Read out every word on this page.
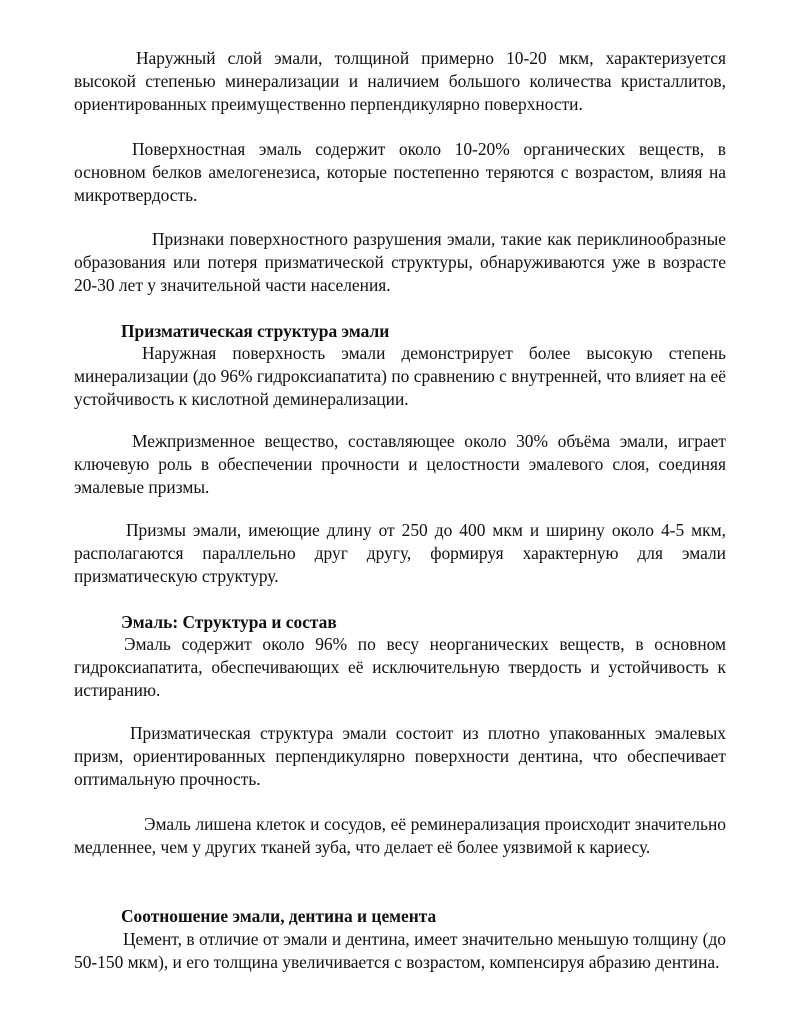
Наружный слой эмали, толщиной примерно 10-20 мкм, характеризуется высокой степенью минерализации и наличием большого количества кристаллитов, ориентированных преимущественно перпендикулярно поверхности.

Поверхностная эмаль содержит около 10-20% органических веществ, в основном белков амелогенезиса, которые постепенно теряются с возрастом, влияя на микротвердость.

Признаки поверхностного разрушения эмали, такие как периклинообразные образования или потеря призматической структуры, обнаруживаются уже в возрасте 20-30 лет у значительной части населения.

Призматическая структура эмали

Наружная поверхность эмали демонстрирует более высокую степень минерализации (до 96% гидроксиапатита) по сравнению с внутренней, что влияет на её устойчивость к кислотной деминерализации.

Межпризменное вещество, составляющее около 30% объёма эмали, играет ключевую роль в обеспечении прочности и целостности эмалевого слоя, соединяя эмалевые призмы.

Призмы эмали, имеющие длину от 250 до 400 мкм и ширину около 4-5 мкм, располагаются параллельно друг другу, формируя характерную для эмали призматическую структуру.

Эмаль: Структура и состав

Эмаль содержит около 96% по весу неорганических веществ, в основном гидроксиапатита, обеспечивающих её исключительную твердость и устойчивость к истиранию.

Призматическая структура эмали состоит из плотно упакованных эмалевых призм, ориентированных перпендикулярно поверхности дентина, что обеспечивает оптимальную прочность.

Эмаль лишена клеток и сосудов, её реминерализация происходит значительно медленнее, чем у других тканей зуба, что делает её более уязвимой к кариесу.

Соотношение эмали, дентина и цемента

Цемент, в отличие от эмали и дентина, имеет значительно меньшую толщину (до 50-150 мкм), и его толщина увеличивается с возрастом, компенсируя абразию дентина.
